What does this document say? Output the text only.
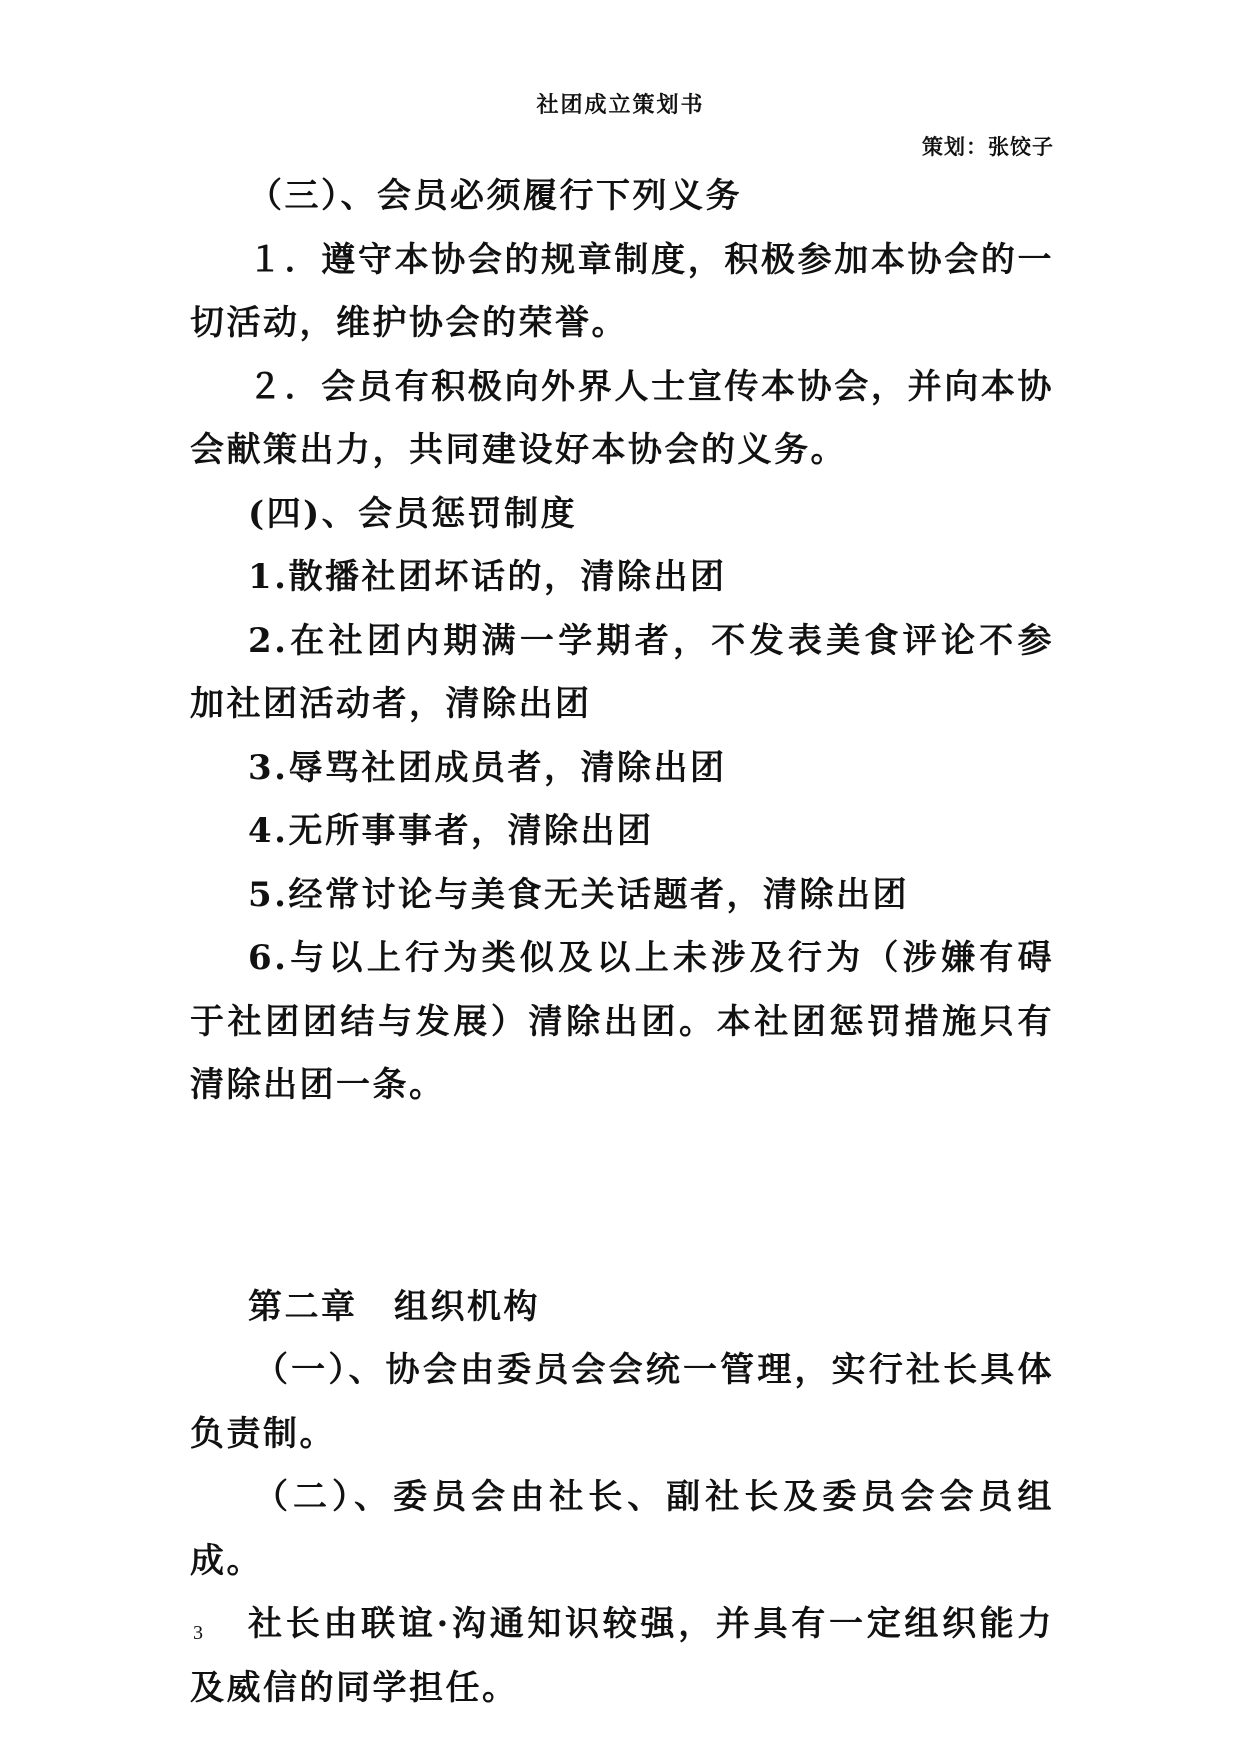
社团成立策划书
策划：张饺子

（三）、会员必须履行下列义务

１．遵守本协会的规章制度，积极参加本协会的一切活动，维护协会的荣誉。

２．会员有积极向外界人士宣传本协会，并向本协会献策出力，共同建设好本协会的义务。

(四)、会员惩罚制度

1.散播社团坏话的，清除出团

2.在社团内期满一学期者，不发表美食评论不参加社团活动者，清除出团

3.辱骂社团成员者，清除出团

4.无所事事者，清除出团

5.经常讨论与美食无关话题者，清除出团

6.与以上行为类似及以上未涉及行为（涉嫌有碍于社团团结与发展）清除出团。本社团惩罚措施只有清除出团一条。

第二章　组织机构

（一）、协会由委员会会统一管理，实行社长具体负责制。

（二）、委员会由社长、副社长及委员会会员组成。

社长由联谊·沟通知识较强，并具有一定组织能力及威信的同学担任。

3
